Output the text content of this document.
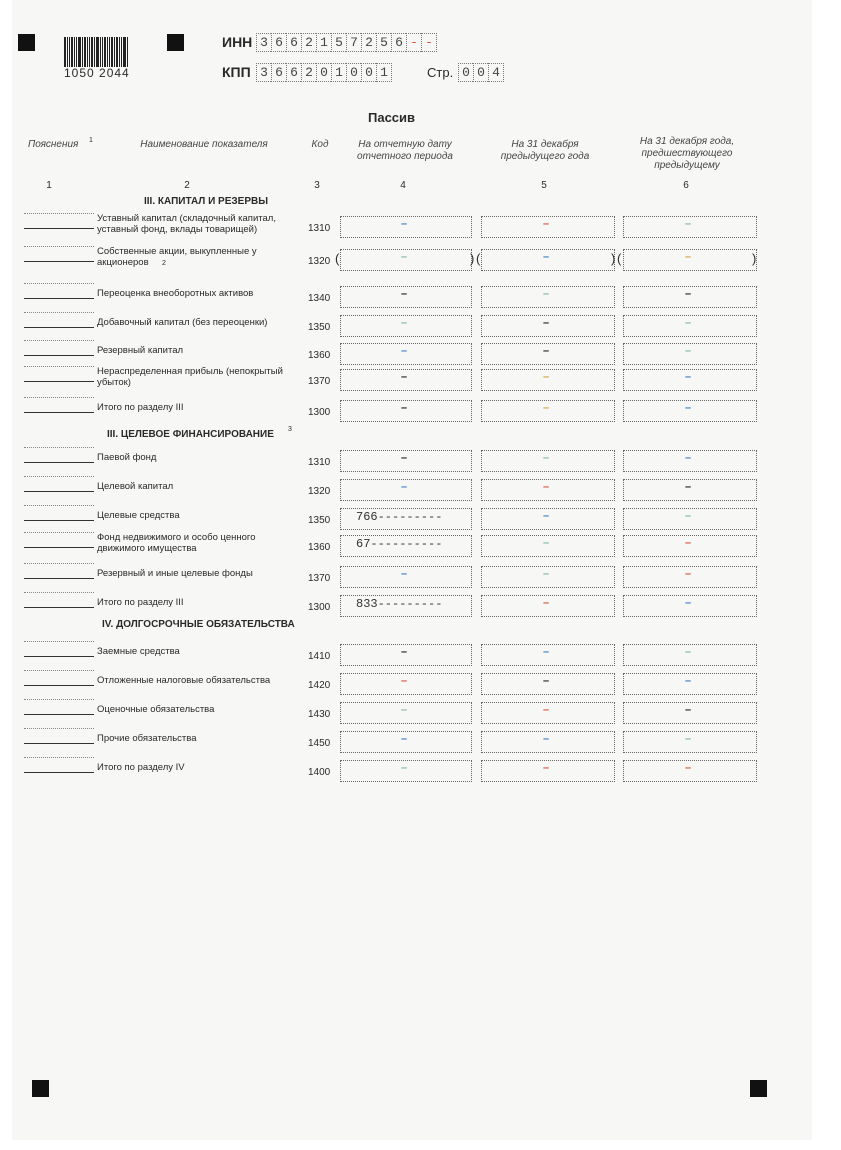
1050 2044
ИНН 3 6 6 2 1 5 7 2 5 6 - -
КПП 3 6 6 2 0 1 0 0 1	Стр. 0 0 4
Пассив
Пояснения 1	Наименование показателя	Код	На отчетную дату отчетного периода
На 31 декабря предыдущего года
На 31 декабря года, предшествующего предыдущему
1	2	3	4	5	6
III. КАПИТАЛ И РЕЗЕРВЫ
III. ЦЕЛЕВОЕ ФИНАНСИРОВАНИЕ 3
IV. ДОЛГОСРОЧНЫЕ ОБЯЗАТЕЛЬСТВА
Уставный капитал (складочный капитал, уставный фонд, вклады товарищей)	1310	–	–	–
Собственные акции, выкупленные у акционеров	2	1320	–	–	–
(	) (	) (	)
Переоценка внеоборотных активов	1340	–	–	–
Добавочный капитал (без переоценки)	1350	–	–	–
Резервный капитал	1360	–	–	–
Нераспределенная прибыль (непокрытый убыток)	1370	–	–	–
Итого по разделу III	1300	–	–	–
Паевой фонд	1310	–	–	–
Целевой капитал	1320	–	–	–
Целевые средства	1350 766---------	–	–
Фонд недвижимого и особо ценного движимого имущества	1360 67----------	–	–
Резервный и иные целевые фонды	1370	–	–	–
Итого по разделу III	1300 833---------	–	–
Заемные средства	1410	–	–	–
Отложенные налоговые обязательства	1420	–	–	–
Оценочные обязательства	1430	–	–	–
Прочие обязательства	1450	–	–	–
Итого по разделу IV	1400	–	–	–
